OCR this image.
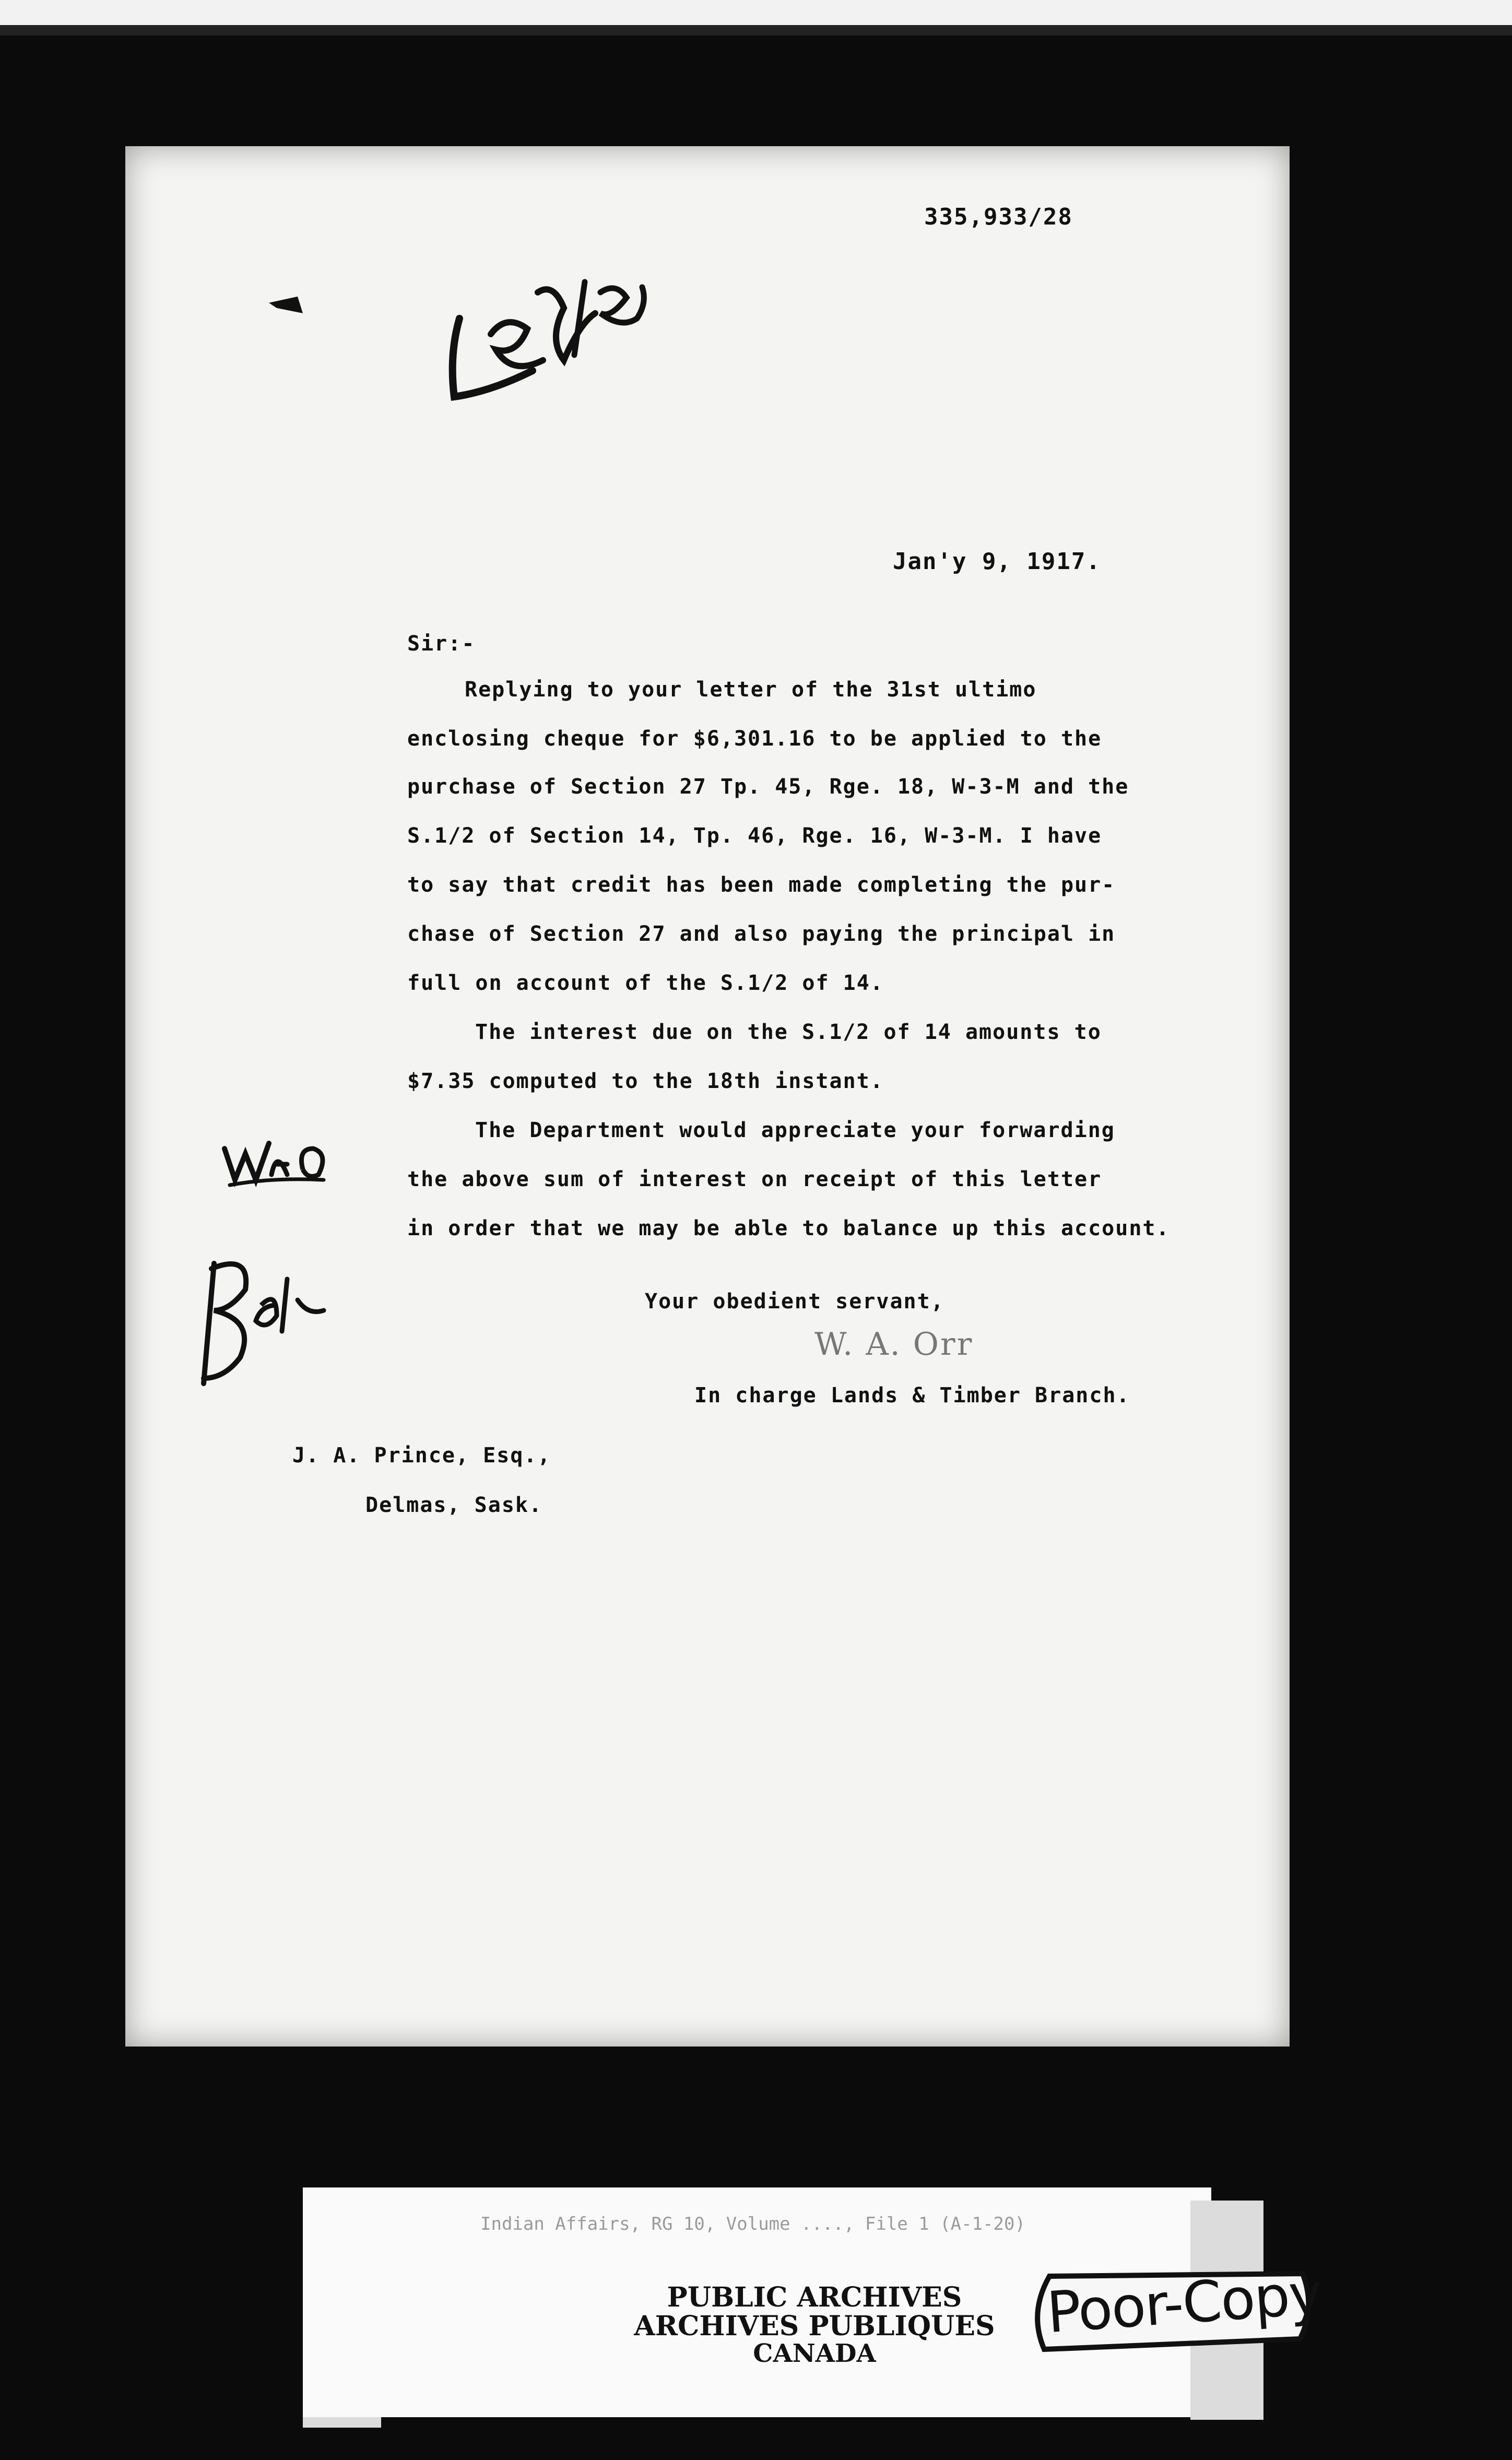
335,933/28
Jan'y 9, 1917.
Sir:-
Replying to your letter of the 31st ultimo
enclosing cheque for $6,301.16 to be applied to the
purchase of Section 27 Tp. 45, Rge. 18, W-3-M and the
S.1/2 of Section 14, Tp. 46, Rge. 16, W-3-M. I have
to say that credit has been made completing the pur-
chase of Section 27 and also paying the principal in
full on account of the S.1/2 of 14.
The interest due on the S.1/2 of 14 amounts to
$7.35 computed to the 18th instant.
The Department would appreciate your forwarding
the above sum of interest on receipt of this letter
in order that we may be able to balance up this account.
Your obedient servant,
W. A. Orr
In charge Lands & Timber Branch.
J. A. Prince, Esq.,
Delmas, Sask.
Indian Affairs, RG 10, Volume ...., File 1 (A-1-20)
PUBLIC ARCHIVES
ARCHIVES PUBLIQUES
CANADA
Poor-Copy
